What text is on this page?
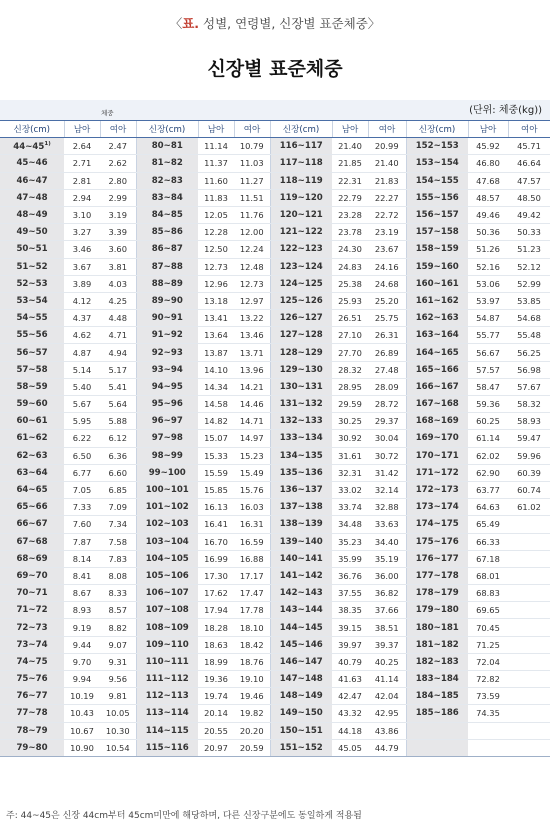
〈표. 성별, 연령별, 신장별 표준체중〉
신장별 표준체중
(단위: 체중(kg))
체중
신장(cm)	남아	여아	신장(cm)	남아	여아	신장(cm)	남아	여아	신장(cm)	남아	여아
44~45$^{1)}$	2.64	2.47	80~81	11.14	10.79	116~117	21.40	20.99	152~153	45.92	45.71
45~46	2.71	2.62	81~82	11.37	11.03	117~118	21.85	21.40	153~154	46.80	46.64
46~47	2.81	2.80	82~83	11.60	11.27	118~119	22.31	21.83	154~155	47.68	47.57
47~48	2.94	2.99	83~84	11.83	11.51	119~120	22.79	22.27	155~156	48.57	48.50
48~49	3.10	3.19	84~85	12.05	11.76	120~121	23.28	22.72	156~157	49.46	49.42
49~50	3.27	3.39	85~86	12.28	12.00	121~122	23.78	23.19	157~158	50.36	50.33
50~51	3.46	3.60	86~87	12.50	12.24	122~123	24.30	23.67	158~159	51.26	51.23
51~52	3.67	3.81	87~88	12.73	12.48	123~124	24.83	24.16	159~160	52.16	52.12
52~53	3.89	4.03	88~89	12.96	12.73	124~125	25.38	24.68	160~161	53.06	52.99
53~54	4.12	4.25	89~90	13.18	12.97	125~126	25.93	25.20	161~162	53.97	53.85
54~55	4.37	4.48	90~91	13.41	13.22	126~127	26.51	25.75	162~163	54.87	54.68
55~56	4.62	4.71	91~92	13.64	13.46	127~128	27.10	26.31	163~164	55.77	55.48
56~57	4.87	4.94	92~93	13.87	13.71	128~129	27.70	26.89	164~165	56.67	56.25
57~58	5.14	5.17	93~94	14.10	13.96	129~130	28.32	27.48	165~166	57.57	56.98
58~59	5.40	5.41	94~95	14.34	14.21	130~131	28.95	28.09	166~167	58.47	57.67
59~60	5.67	5.64	95~96	14.58	14.46	131~132	29.59	28.72	167~168	59.36	58.32
60~61	5.95	5.88	96~97	14.82	14.71	132~133	30.25	29.37	168~169	60.25	58.93
61~62	6.22	6.12	97~98	15.07	14.97	133~134	30.92	30.04	169~170	61.14	59.47
62~63	6.50	6.36	98~99	15.33	15.23	134~135	31.61	30.72	170~171	62.02	59.96
63~64	6.77	6.60	99~100	15.59	15.49	135~136	32.31	31.42	171~172	62.90	60.39
64~65	7.05	6.85	100~101	15.85	15.76	136~137	33.02	32.14	172~173	63.77	60.74
65~66	7.33	7.09	101~102	16.13	16.03	137~138	33.74	32.88	173~174	64.63	61.02
66~67	7.60	7.34	102~103	16.41	16.31	138~139	34.48	33.63	174~175	65.49	
67~68	7.87	7.58	103~104	16.70	16.59	139~140	35.23	34.40	175~176	66.33	
68~69	8.14	7.83	104~105	16.99	16.88	140~141	35.99	35.19	176~177	67.18	
69~70	8.41	8.08	105~106	17.30	17.17	141~142	36.76	36.00	177~178	68.01	
70~71	8.67	8.33	106~107	17.62	17.47	142~143	37.55	36.82	178~179	68.83	
71~72	8.93	8.57	107~108	17.94	17.78	143~144	38.35	37.66	179~180	69.65	
72~73	9.19	8.82	108~109	18.28	18.10	144~145	39.15	38.51	180~181	70.45	
73~74	9.44	9.07	109~110	18.63	18.42	145~146	39.97	39.37	181~182	71.25	
74~75	9.70	9.31	110~111	18.99	18.76	146~147	40.79	40.25	182~183	72.04	
75~76	9.94	9.56	111~112	19.36	19.10	147~148	41.63	41.14	183~184	72.82	
76~77	10.19	9.81	112~113	19.74	19.46	148~149	42.47	42.04	184~185	73.59	
77~78	10.43	10.05	113~114	20.14	19.82	149~150	43.32	42.95	185~186	74.35	
78~79	10.67	10.30	114~115	20.55	20.20	150~151	44.18	43.86			
79~80	10.90	10.54	115~116	20.97	20.59	151~152	45.05	44.79			
주: 44~45은 신장 44cm부터 45cm미만에 해당하며, 다른 신장구분에도 동일하게 적용됨
